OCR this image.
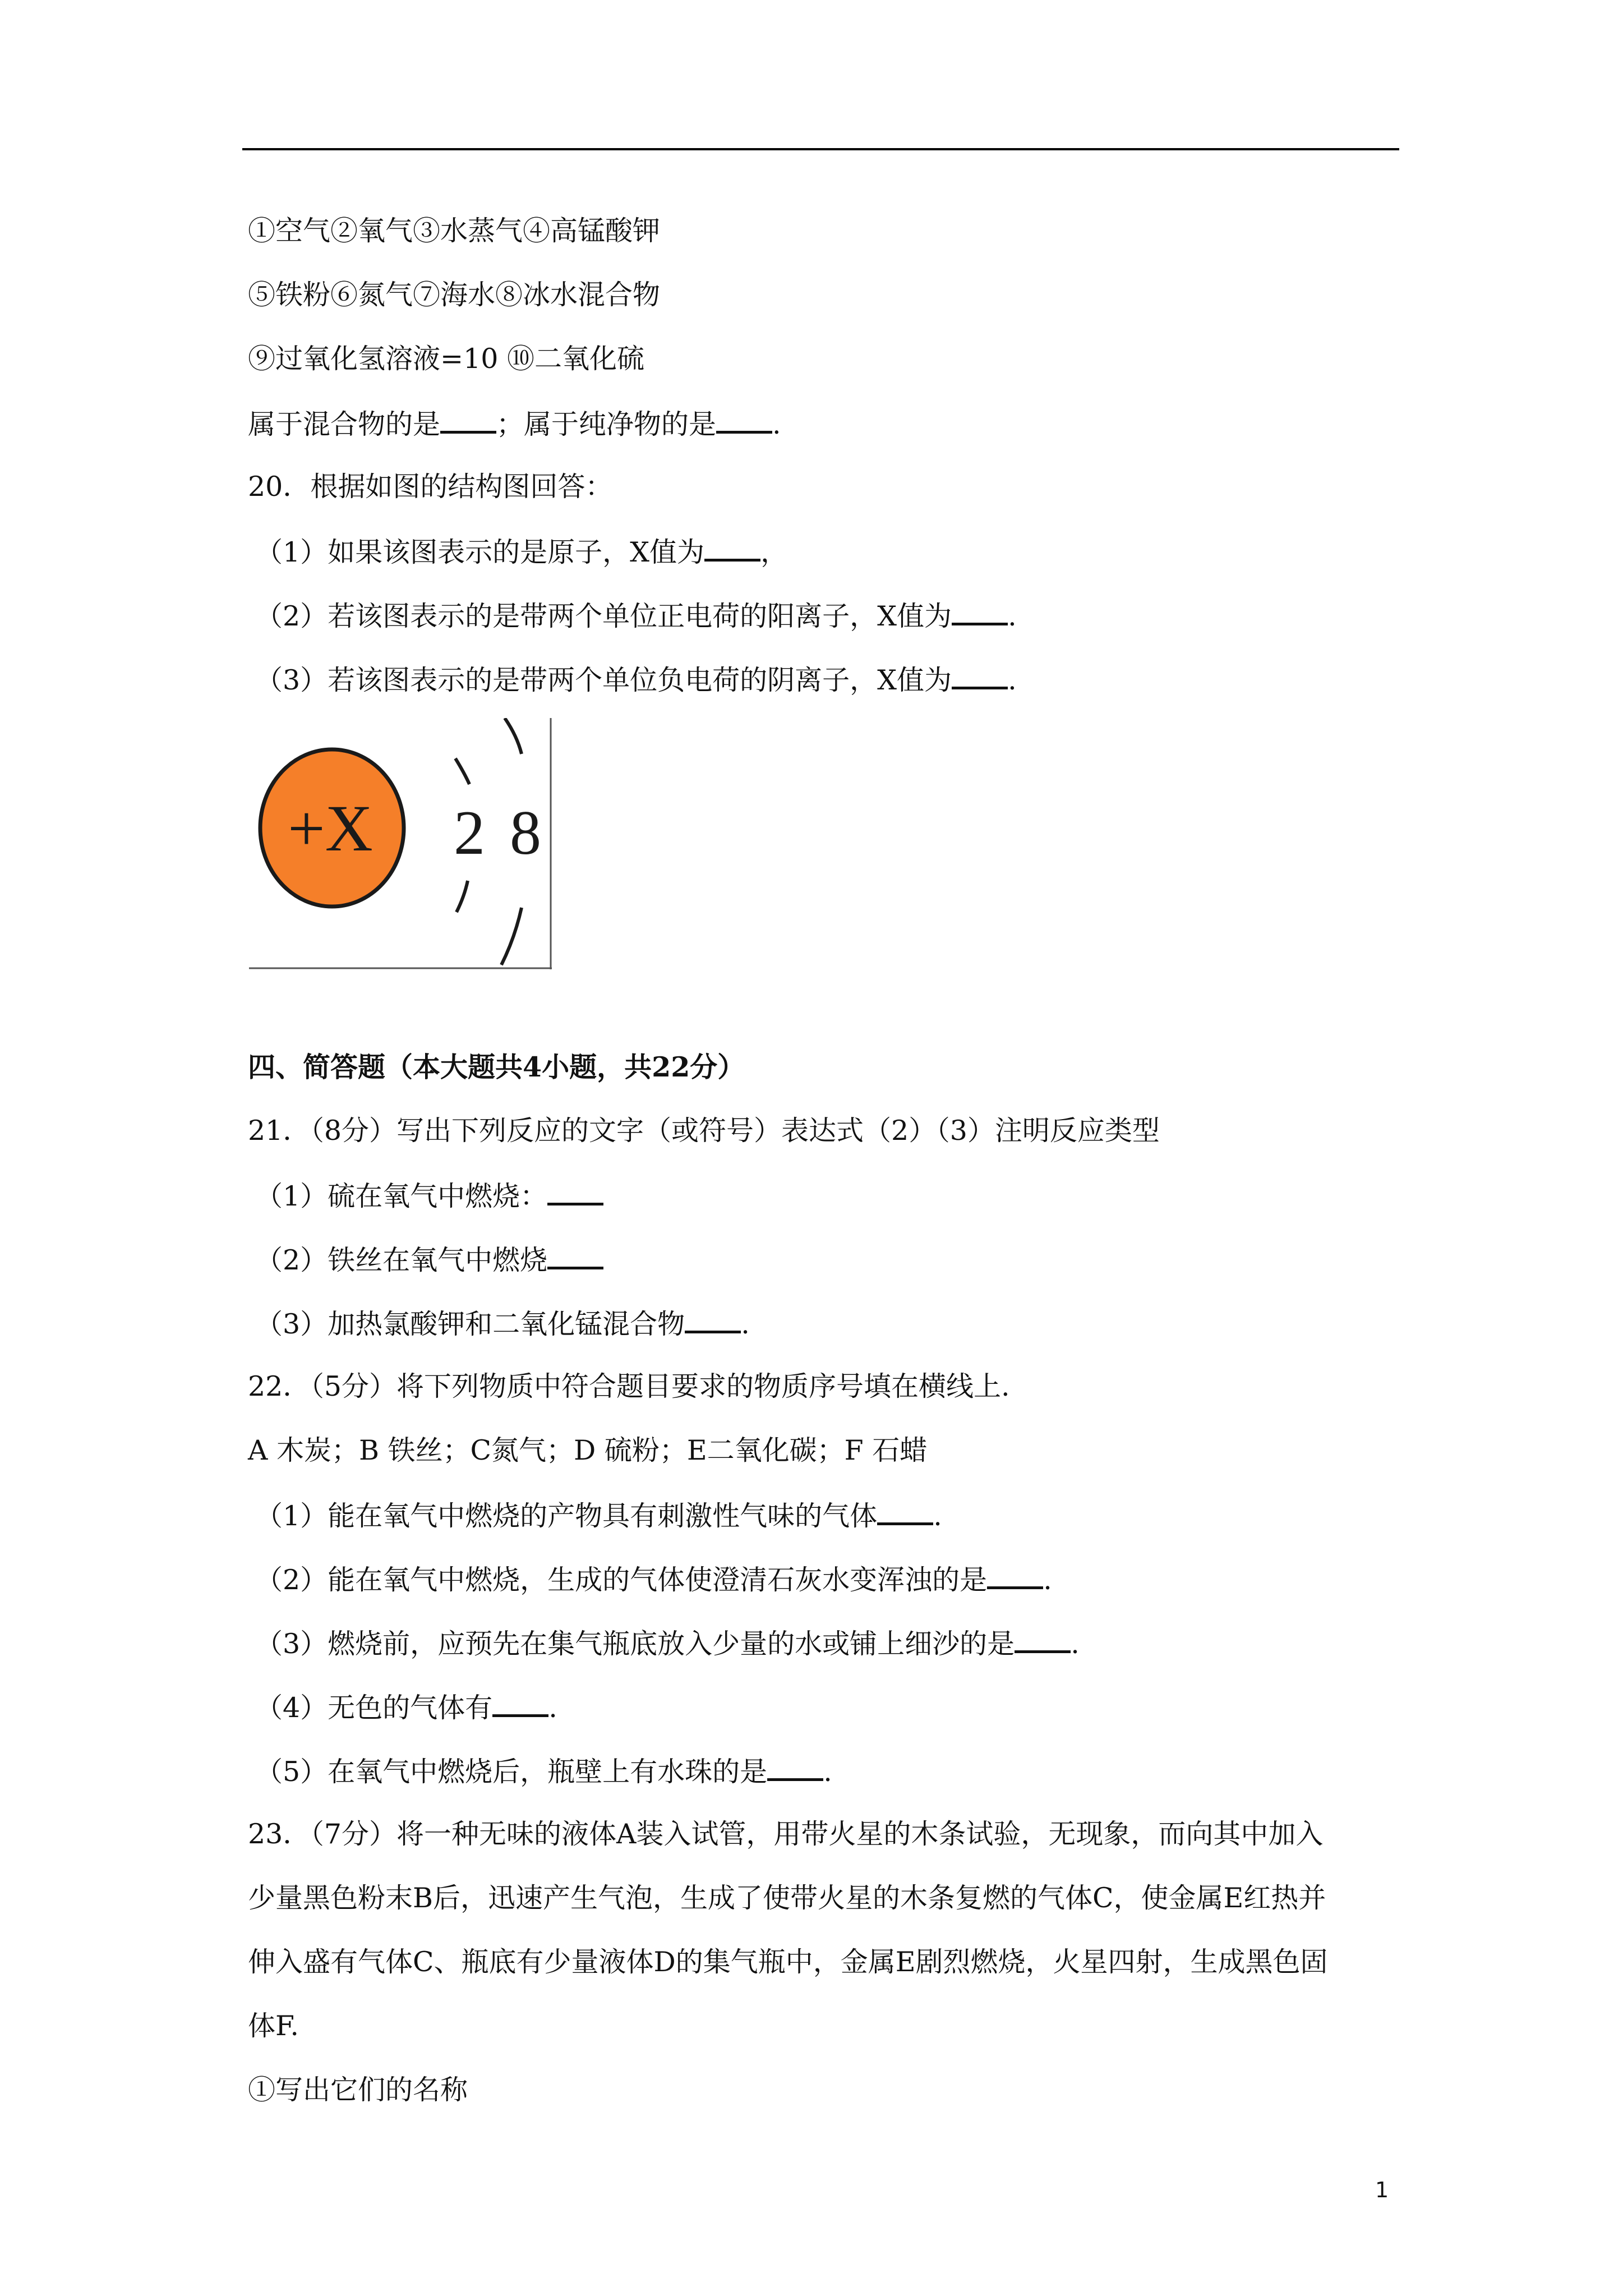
①空气②氧气③水蒸气④高锰酸钾
⑤铁粉⑥氮气⑦海水⑧冰水混合物
⑨过氧化氢溶液=10 ⑩二氧化硫
属于混合物的是 ；属于纯净物的是 .
20．根据如图的结构图回答：
（1）如果该图表示的是原子，X值为 ，
（2）若该图表示的是带两个单位正电荷的阳离子，X值为 .
（3）若该图表示的是带两个单位负电荷的阴离子，X值为 .
+X 2 8
四、简答题（本大题共4小题，共22分）
21．（8分）写出下列反应的文字（或符号）表达式（2）（3）注明反应类型
（1）硫在氧气中燃烧：
（2）铁丝在氧气中燃烧
（3）加热氯酸钾和二氧化锰混合物 .
22．（5分）将下列物质中符合题目要求的物质序号填在横线上.
A 木炭；B 铁丝；C氮气；D 硫粉；E二氧化碳；F 石蜡
（1）能在氧气中燃烧的产物具有刺激性气味的气体 .
（2）能在氧气中燃烧，生成的气体使澄清石灰水变浑浊的是 .
（3）燃烧前，应预先在集气瓶底放入少量的水或铺上细沙的是 .
（4）无色的气体有 .
（5）在氧气中燃烧后，瓶壁上有水珠的是 .
23．（7分）将一种无味的液体A装入试管，用带火星的木条试验，无现象，而向其中加入
少量黑色粉末B后，迅速产生气泡，生成了使带火星的木条复燃的气体C，使金属E红热并
伸入盛有气体C、瓶底有少量液体D的集气瓶中，金属E剧烈燃烧，火星四射，生成黑色固
体F.
①写出它们的名称
1
